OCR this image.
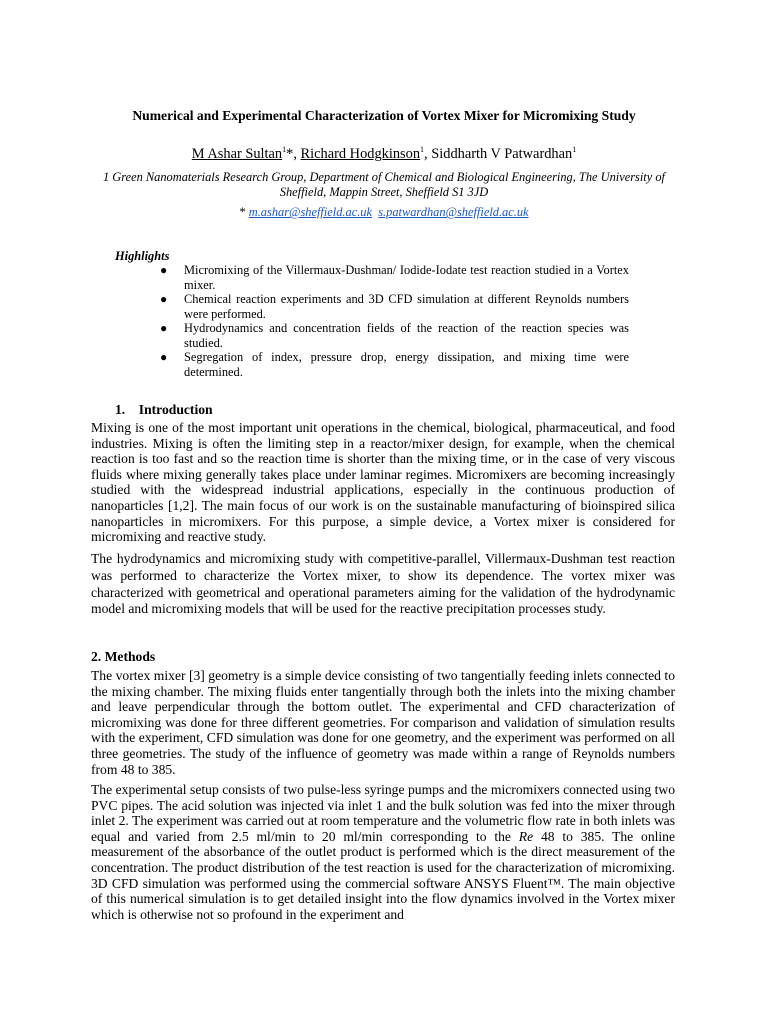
Numerical and Experimental Characterization of Vortex Mixer for Micromixing Study

M Ashar Sultan$^1$*, Richard Hodgkinson$^1$, Siddharth V Patwardhan$^1$

1 Green Nanomaterials Research Group, Department of Chemical and Biological Engineering, The University of Sheffield, Mappin Street, Sheffield S1 3JD

* m.ashar@sheffield.ac.uk s.patwardhan@sheffield.ac.uk

Highlights

● Micromixing of the Villermaux-Dushman/ Iodide-Iodate test reaction studied in a Vortex mixer.
● Chemical reaction experiments and 3D CFD simulation at different Reynolds numbers were performed.
● Hydrodynamics and concentration fields of the reaction of the reaction species was studied.
● Segregation of index, pressure drop, energy dissipation, and mixing time were determined.
1. Introduction

Mixing is one of the most important unit operations in the chemical, biological, pharmaceutical, and food industries. Mixing is often the limiting step in a reactor/mixer design, for example, when the chemical reaction is too fast and so the reaction time is shorter than the mixing time, or in the case of very viscous fluids where mixing generally takes place under laminar regimes. Micromixers are becoming increasingly studied with the widespread industrial applications, especially in the continuous production of nanoparticles [1,2]. The main focus of our work is on the sustainable manufacturing of bioinspired silica nanoparticles in micromixers. For this purpose, a simple device, a Vortex mixer is considered for micromixing and reactive study.

The hydrodynamics and micromixing study with competitive-parallel, Villermaux-Dushman test reaction was performed to characterize the Vortex mixer, to show its dependence. The vortex mixer was characterized with geometrical and operational parameters aiming for the validation of the hydrodynamic model and micromixing models that will be used for the reactive precipitation processes study.

2. Methods

The vortex mixer [3] geometry is a simple device consisting of two tangentially feeding inlets connected to the mixing chamber. The mixing fluids enter tangentially through both the inlets into the mixing chamber and leave perpendicular through the bottom outlet. The experimental and CFD characterization of micromixing was done for three different geometries. For comparison and validation of simulation results with the experiment, CFD simulation was done for one geometry, and the experiment was performed on all three geometries. The study of the influence of geometry was made within a range of Reynolds numbers from 48 to 385.

The experimental setup consists of two pulse-less syringe pumps and the micromixers connected using two PVC pipes. The acid solution was injected via inlet 1 and the bulk solution was fed into the mixer through inlet 2. The experiment was carried out at room temperature and the volumetric flow rate in both inlets was equal and varied from 2.5 ml/min to 20 ml/min corresponding to the Re 48 to 385. The online measurement of the absorbance of the outlet product is performed which is the direct measurement of the concentration. The product distribution of the test reaction is used for the characterization of micromixing. 3D CFD simulation was performed using the commercial software ANSYS Fluent™. The main objective of this numerical simulation is to get detailed insight into the flow dynamics involved in the Vortex mixer which is otherwise not so profound in the experiment and
